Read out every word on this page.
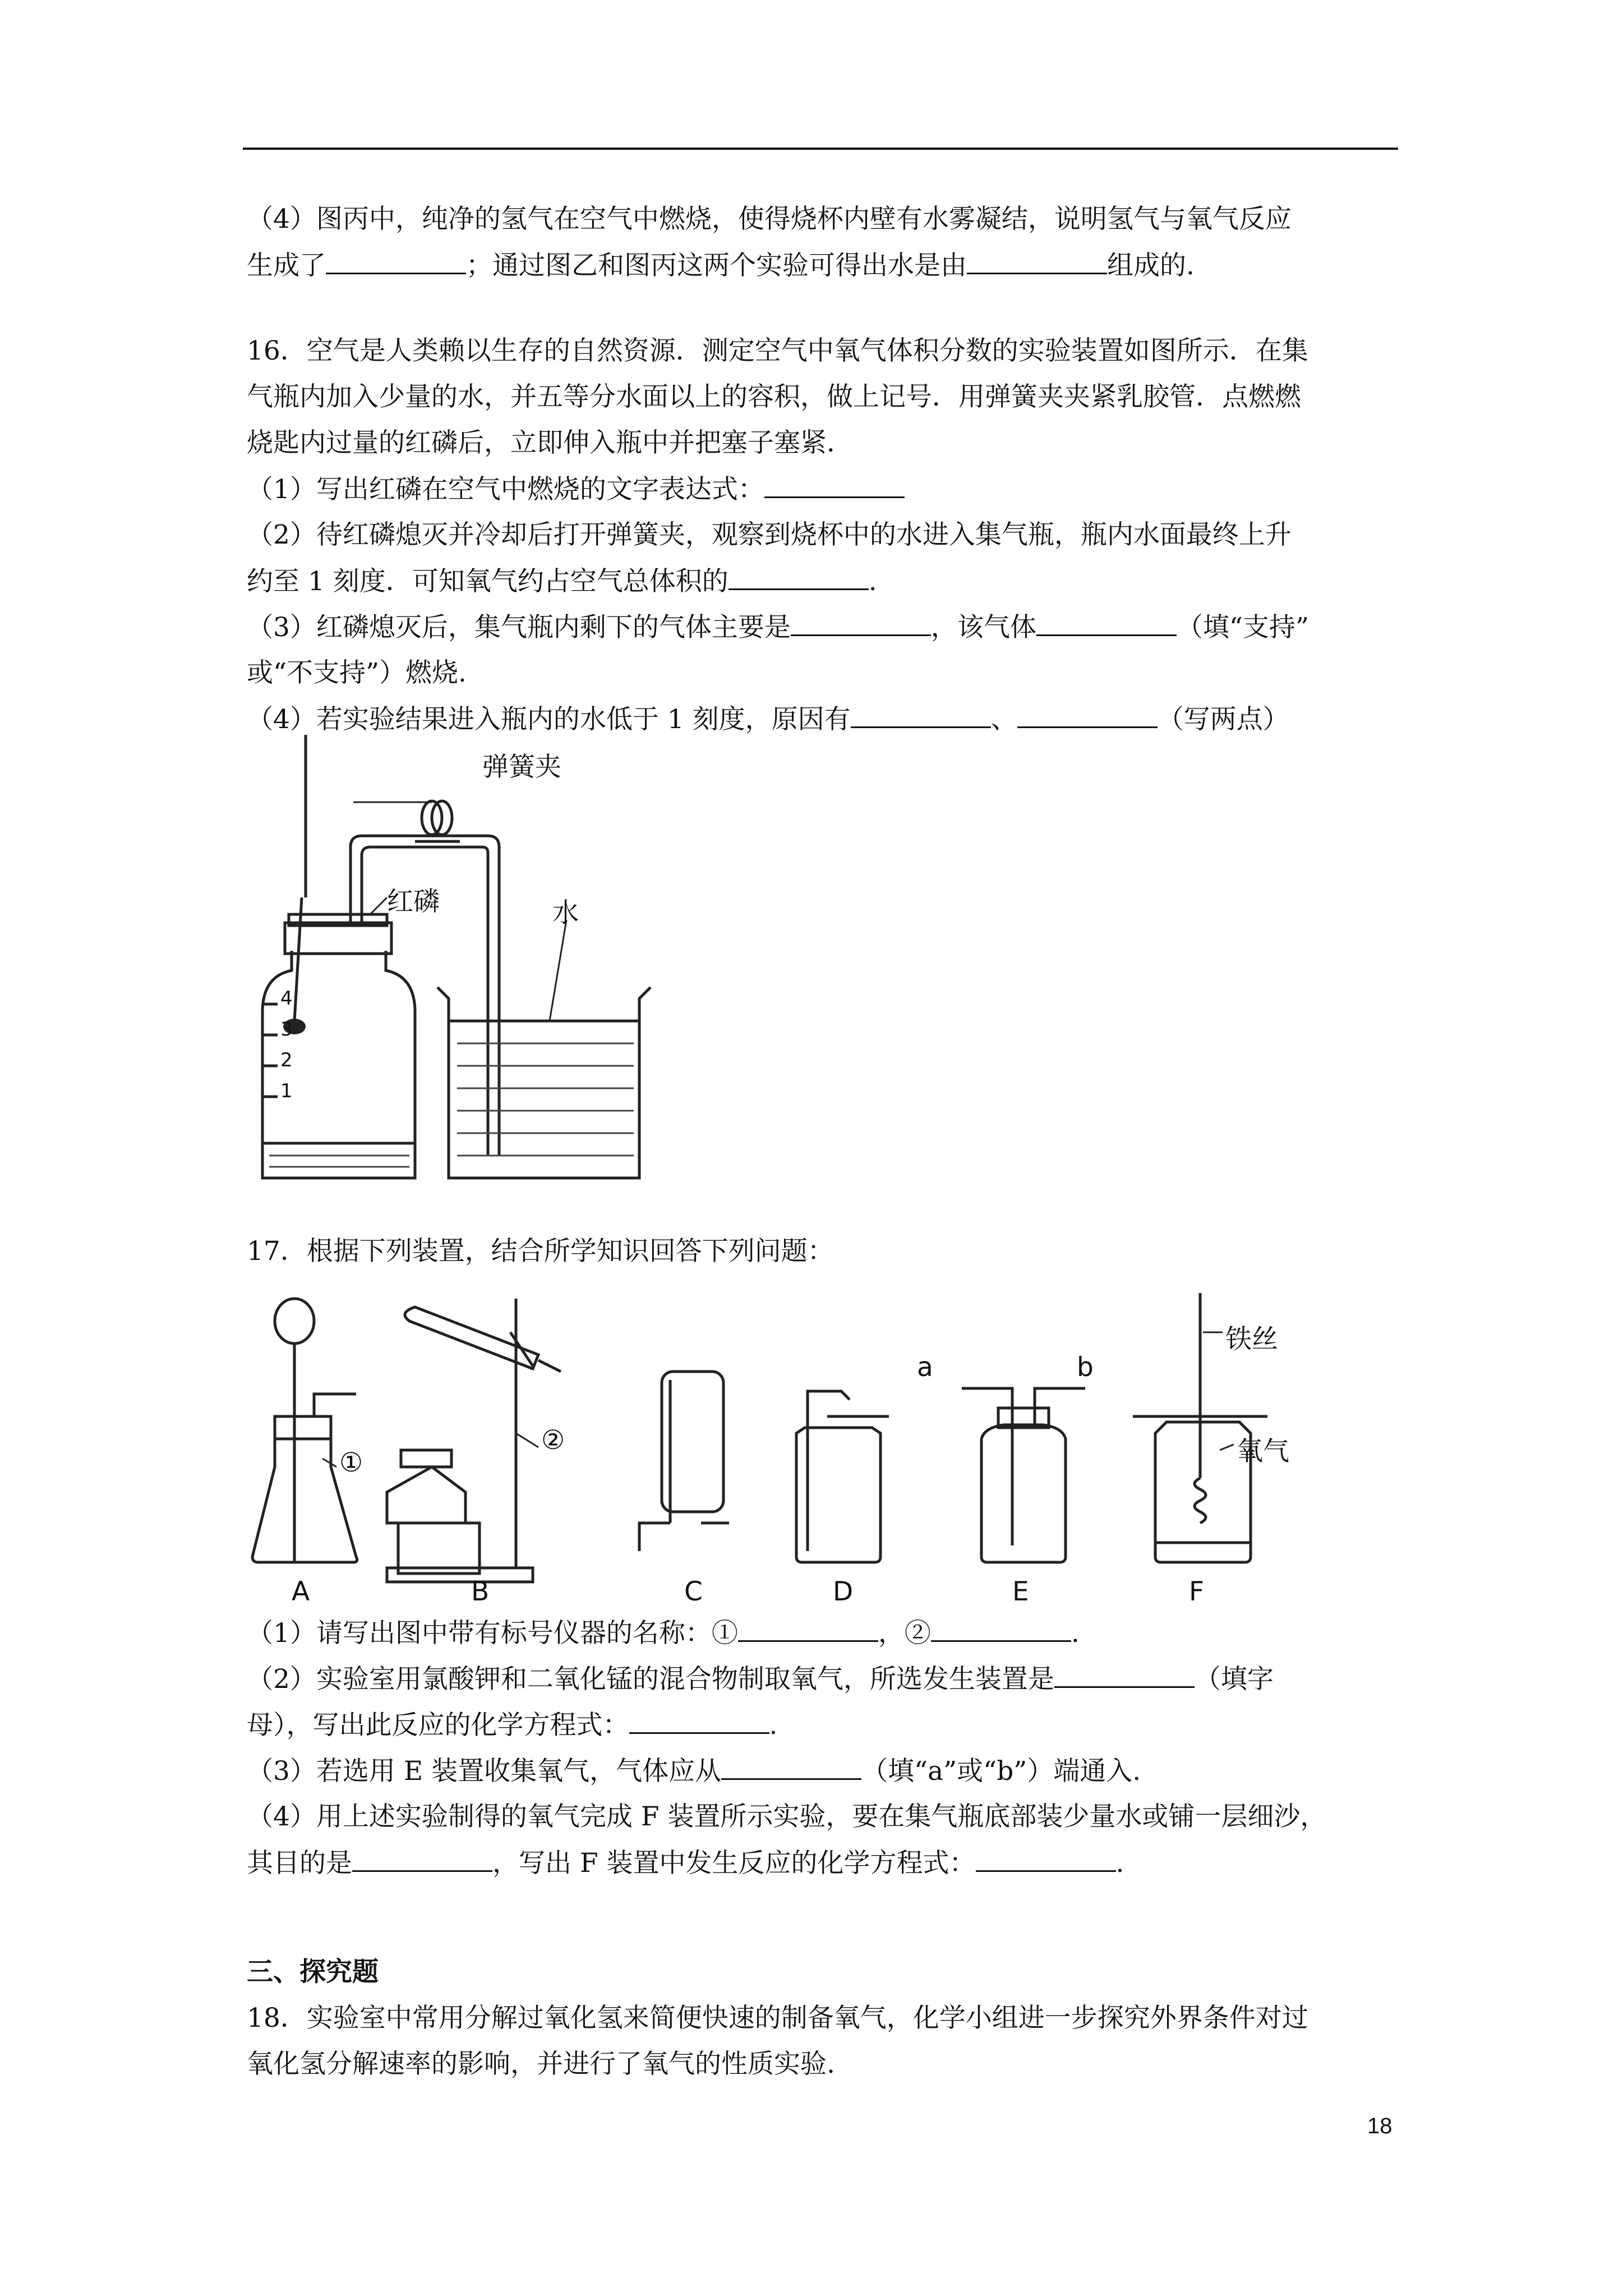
（4）图丙中，纯净的氢气在空气中燃烧，使得烧杯内壁有水雾凝结，说明氢气与氧气反应
生成了	；通过图乙和图丙这两个实验可得出水是由	组成的.
16．空气是人类赖以生存的自然资源．测定空气中氧气体积分数的实验装置如图所示．在集
气瓶内加入少量的水，并五等分水面以上的容积，做上记号．用弹簧夹夹紧乳胶管．点燃燃
烧匙内过量的红磷后，立即伸入瓶中并把塞子塞紧．
（1）写出红磷在空气中燃烧的文字表达式：
（2）待红磷熄灭并冷却后打开弹簧夹，观察到烧杯中的水进入集气瓶，瓶内水面最终上升
约至 1 刻度．可知氧气约占空气总体积的	.
（3）红磷熄灭后，集气瓶内剩下的气体主要是	，该气体	（填“支持”
或“不支持”）燃烧.
（4）若实验结果进入瓶内的水低于 1 刻度，原因有	、	（写两点）
弹簧夹
红磷	水
4
3
2
1
17．根据下列装置，结合所学知识回答下列问题：
①
②
a	b
铁丝
氧气
A	B	C	D	E	F
（1）请写出图中带有标号仪器的名称：①	，②	.
（2）实验室用氯酸钾和二氧化锰的混合物制取氧气，所选发生装置是	（填字
母），写出此反应的化学方程式：	.
（3）若选用 E 装置收集氧气，气体应从	（填“a”或“b”）端通入.
（4）用上述实验制得的氧气完成 F 装置所示实验，要在集气瓶底部装少量水或铺一层细沙，
其目的是	，写出 F 装置中发生反应的化学方程式：	.
三、探究题
18．实验室中常用分解过氧化氢来简便快速的制备氧气，化学小组进一步探究外界条件对过
氧化氢分解速率的影响，并进行了氧气的性质实验.
18
